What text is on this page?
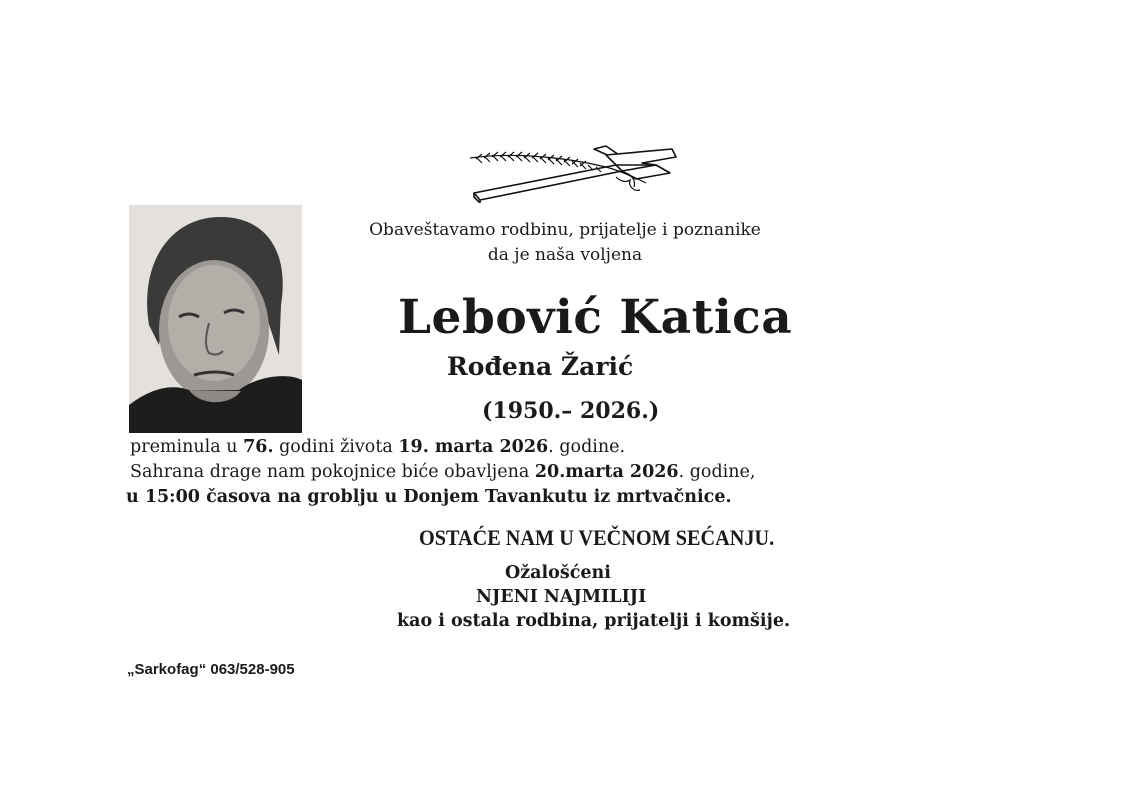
Obaveštavamo rodbinu, prijatelje i poznanike
da je naša voljena
Lebović Katica
Rođena Žarić
(1950.– 2026.)
preminula u 76. godini života 19. marta 2026. godine.
Sahrana drage nam pokojnice biće obavljena 20.marta 2026. godine,
u 15:00 časova na groblju u Donjem Tavankutu iz mrtvačnice.
OSTAĆE NAM U VEČNOM SEĆANJU.
Ožalošćeni
NJENI NAJMILIJI
kao i ostala rodbina, prijatelji i komšije.
„Sarkofag“ 063/528-905
